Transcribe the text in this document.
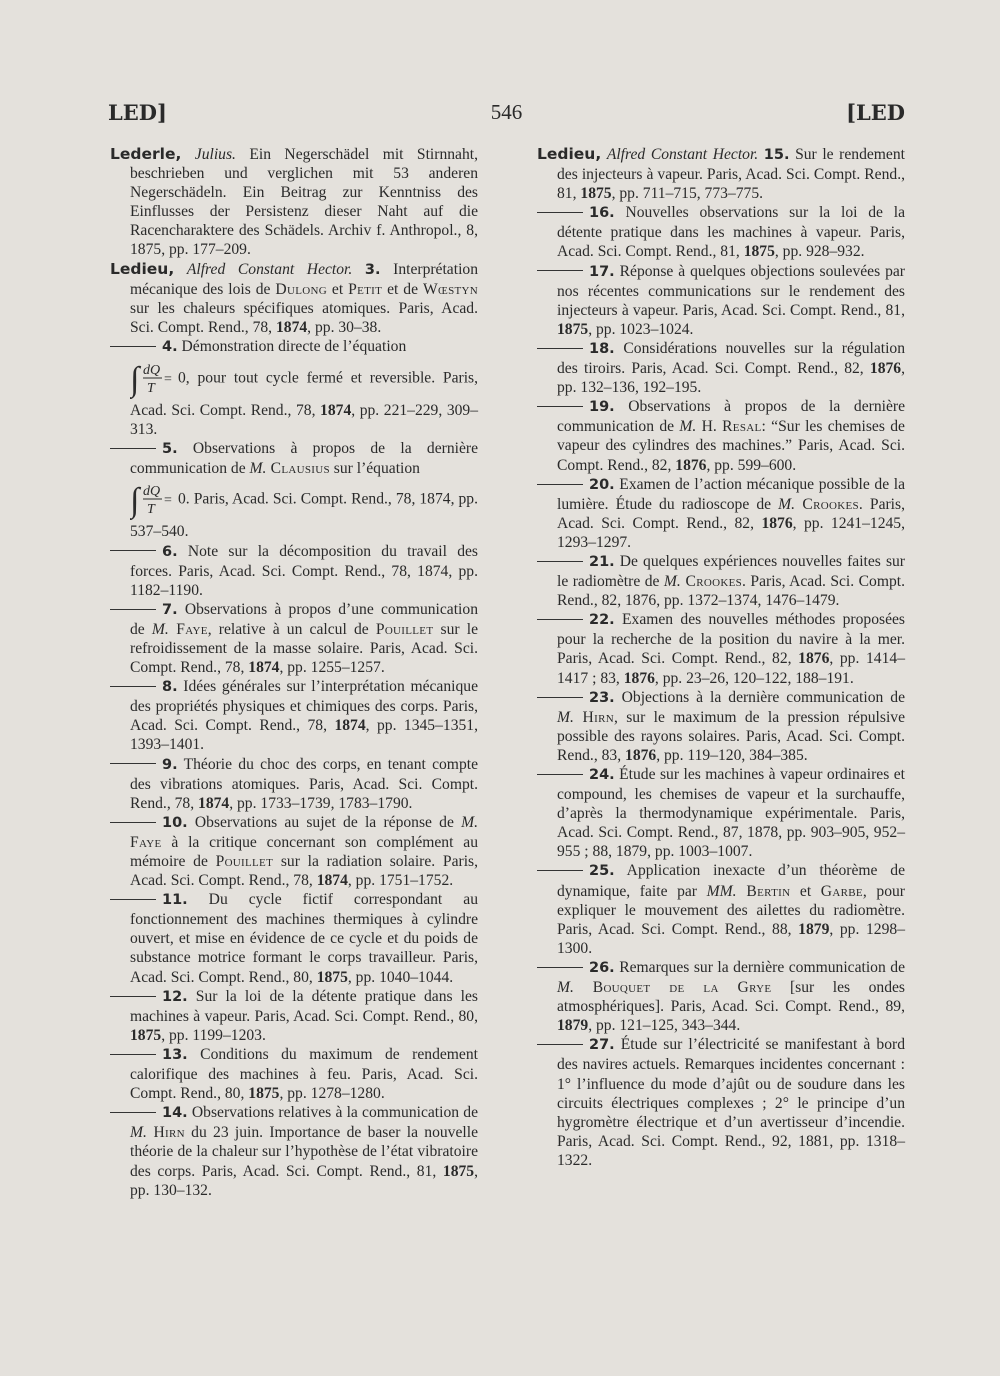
LED]	546	[LED

Lederle, Julius. Ein Negerschädel mit Stirnnaht, beschrieben und verglichen mit 53 anderen Negerschädeln. Ein Beitrag zur Kenntniss des Einflusses der Persistenz dieser Naht auf die Racencharaktere des Schädels. Archiv f. Anthropol., 8, 1875, pp. 177–209.

Ledieu, Alfred Constant Hector. 3. Interprétation mécanique des lois de Dulong et Petit et de Wœstyn sur les chaleurs spécifiques atomiques. Paris, Acad. Sci. Compt. Rend., 78, 1874, pp. 30–38.

4. Démonstration directe de l’équation

∫ dQ
T
= 0, pour tout cycle fermé et reversible. Paris, Acad. Sci. Compt. Rend., 78, 1874, pp. 221–229, 309–313.

5. Observations à propos de la dernière communication de M. Clausius sur l’équation

∫ dQ
T
= 0. Paris, Acad. Sci. Compt. Rend., 78, 1874, pp. 537–540.

6. Note sur la décomposition du travail des forces. Paris, Acad. Sci. Compt. Rend., 78, 1874, pp. 1182–1190.

7. Observations à propos d’une communication de M. Faye, relative à un calcul de Pouillet sur le refroidissement de la masse solaire. Paris, Acad. Sci. Compt. Rend., 78, 1874, pp. 1255–1257.

8. Idées générales sur l’interprétation mécanique des propriétés physiques et chimiques des corps. Paris, Acad. Sci. Compt. Rend., 78, 1874, pp. 1345–1351, 1393–1401.

9. Théorie du choc des corps, en tenant compte des vibrations atomiques. Paris, Acad. Sci. Compt. Rend., 78, 1874, pp. 1733–1739, 1783–1790.

10. Observations au sujet de la réponse de M. Faye à la critique concernant son complément au mémoire de Pouillet sur la radiation solaire. Paris, Acad. Sci. Compt. Rend., 78, 1874, pp. 1751–1752.

11. Du cycle fictif correspondant au fonctionnement des machines thermiques à cylindre ouvert, et mise en évidence de ce cycle et du poids de substance motrice formant le corps travailleur. Paris, Acad. Sci. Compt. Rend., 80, 1875, pp. 1040–1044.

12. Sur la loi de la détente pratique dans les machines à vapeur. Paris, Acad. Sci. Compt. Rend., 80, 1875, pp. 1199–1203.

13. Conditions du maximum de rendement calorifique des machines à feu. Paris, Acad. Sci. Compt. Rend., 80, 1875, pp. 1278–1280.

14. Observations relatives à la communication de M. Hirn du 23 juin. Importance de baser la nouvelle théorie de la chaleur sur l’hypothèse de l’état vibratoire des corps. Paris, Acad. Sci. Compt. Rend., 81, 1875, pp. 130–132.

Ledieu, Alfred Constant Hector. 15. Sur le rendement des injecteurs à vapeur. Paris, Acad. Sci. Compt. Rend., 81, 1875, pp. 711–715, 773–775.

16. Nouvelles observations sur la loi de la détente pratique dans les machines à vapeur. Paris, Acad. Sci. Compt. Rend., 81, 1875, pp. 928–932.

17. Réponse à quelques objections soulevées par nos récentes communications sur le rendement des injecteurs à vapeur. Paris, Acad. Sci. Compt. Rend., 81, 1875, pp. 1023–1024.

18. Considérations nouvelles sur la régulation des tiroirs. Paris, Acad. Sci. Compt. Rend., 82, 1876, pp. 132–136, 192–195.

19. Observations à propos de la dernière communication de M. H. Resal: “Sur les chemises de vapeur des cylindres des machines.” Paris, Acad. Sci. Compt. Rend., 82, 1876, pp. 599–600.

20. Examen de l’action mécanique possible de la lumière. Étude du radioscope de M. Crookes. Paris, Acad. Sci. Compt. Rend., 82, 1876, pp. 1241–1245, 1293–1297.

21. De quelques expériences nouvelles faites sur le radiomètre de M. Crookes. Paris, Acad. Sci. Compt. Rend., 82, 1876, pp. 1372–1374, 1476–1479.

22. Examen des nouvelles méthodes proposées pour la recherche de la position du navire à la mer. Paris, Acad. Sci. Compt. Rend., 82, 1876, pp. 1414–1417 ; 83, 1876, pp. 23–26, 120–122, 188–191.

23. Objections à la dernière communication de M. Hirn, sur le maximum de la pression répulsive possible des rayons solaires. Paris, Acad. Sci. Compt. Rend., 83, 1876, pp. 119–120, 384–385.

24. Étude sur les machines à vapeur ordinaires et compound, les chemises de vapeur et la surchauffe, d’après la thermodynamique expérimentale. Paris, Acad. Sci. Compt. Rend., 87, 1878, pp. 903–905, 952–955 ; 88, 1879, pp. 1003–1007.

25. Application inexacte d’un théorème de dynamique, faite par MM. Bertin et Garbe, pour expliquer le mouvement des ailettes du radiomètre. Paris, Acad. Sci. Compt. Rend., 88, 1879, pp. 1298–1300.

26. Remarques sur la dernière communication de M. Bouquet de la Grye [sur les ondes atmosphériques]. Paris, Acad. Sci. Compt. Rend., 89, 1879, pp. 121–125, 343–344.

27. Étude sur l’électricité se manifestant à bord des navires actuels. Remarques incidentes concernant : 1° l’influence du mode d’ajût ou de soudure dans les circuits électriques complexes ; 2° le principe d’un hygromètre électrique et d’un avertisseur d’incendie. Paris, Acad. Sci. Compt. Rend., 92, 1881, pp. 1318–1322.
